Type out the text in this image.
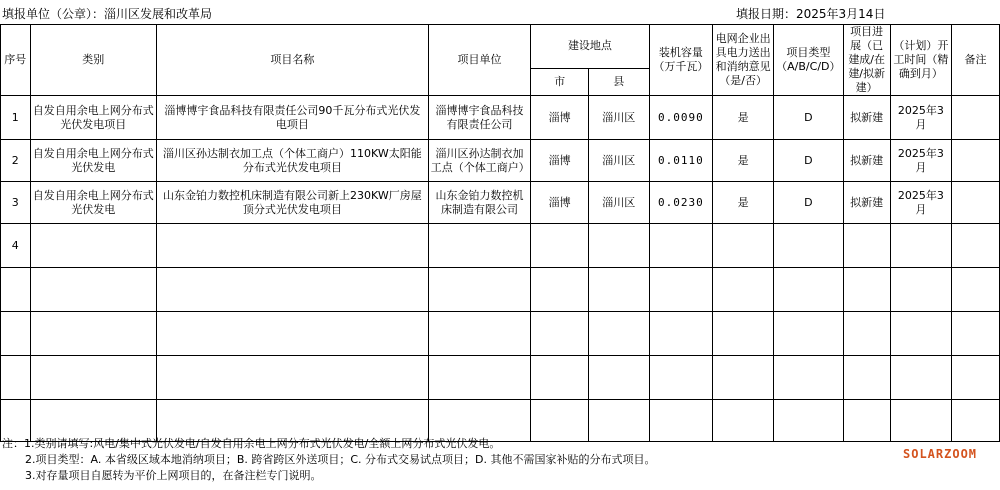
填报单位（公章）：淄川区发展和改革局	填报日期：2025年3月14日
序号	类别	项目名称	项目单位	建设地点		装机容量（万千瓦）	电网企业出具电力送出和消纳意见（是/否）	项目类型（A/B/C/D）	项目进展（已建成/在建/拟新建）	（计划）开工时间（精确到月）	备注
				市	县						
1	自发自用余电上网分布式光伏发电项目	淄博博宇食品科技有限责任公司90千瓦分布式光伏发电项目	淄博博宇食品科技有限责任公司	淄博	淄川区	0.0090	是	D	拟新建	2025年3月	
2	自发自用余电上网分布式光伏发电	淄川区孙达制衣加工点（个体工商户）110KW太阳能分布式光伏发电项目	淄川区孙达制衣加工点（个体工商户）	淄博	淄川区	0.0110	是	D	拟新建	2025年3月	
3	自发自用余电上网分布式光伏发电	山东金铂力数控机床制造有限公司新上230KW厂房屋顶分式光伏发电项目	山东金铂力数控机床制造有限公司	淄博	淄川区	0.0230	是	D	拟新建	2025年3月	
4											

注：1.类别请填写:风电/集中式光伏发电/自发自用余电上网分布式光伏发电/全额上网分布式光伏发电。
2.项目类型：A. 本省级区域本地消纳项目；B. 跨省跨区外送项目；C. 分布式交易试点项目；D. 其他不需国家补贴的分布式项目。
3.对存量项目自愿转为平价上网项目的，在备注栏专门说明。
SOLARZOOM
